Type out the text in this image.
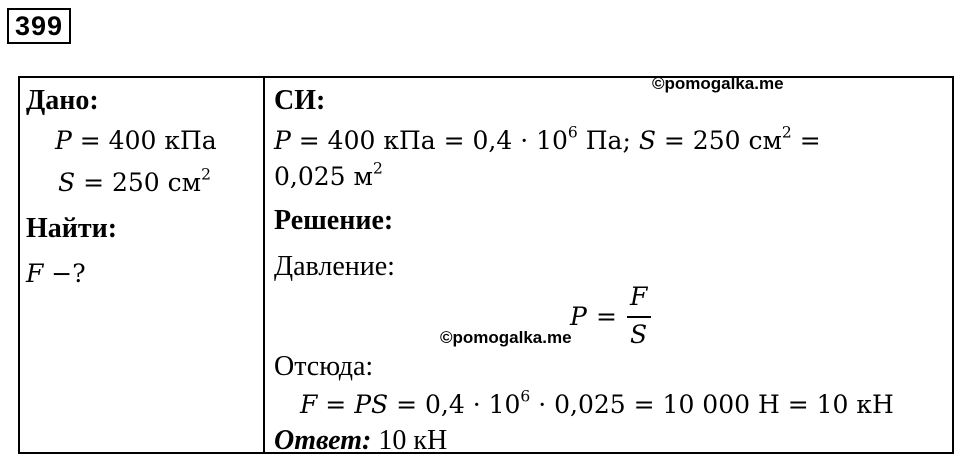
399
Дано:
P = 400 кПа
S = 250 $см^2$
Найти:
F −?
©pomogalka.me
СИ:
P = 400 кПа = $0,4 \cdot 10^6$ Па; S = 250 $см^2$ =
0,025 $м^2$
Решение:
Давление:
P =
F
S
©pomogalka.me
Отсюда:
F = PS = $0,4 \cdot 10^6 \cdot 0,025 = 10$ 000 Н = 10 кН
Ответ: 10 кН
